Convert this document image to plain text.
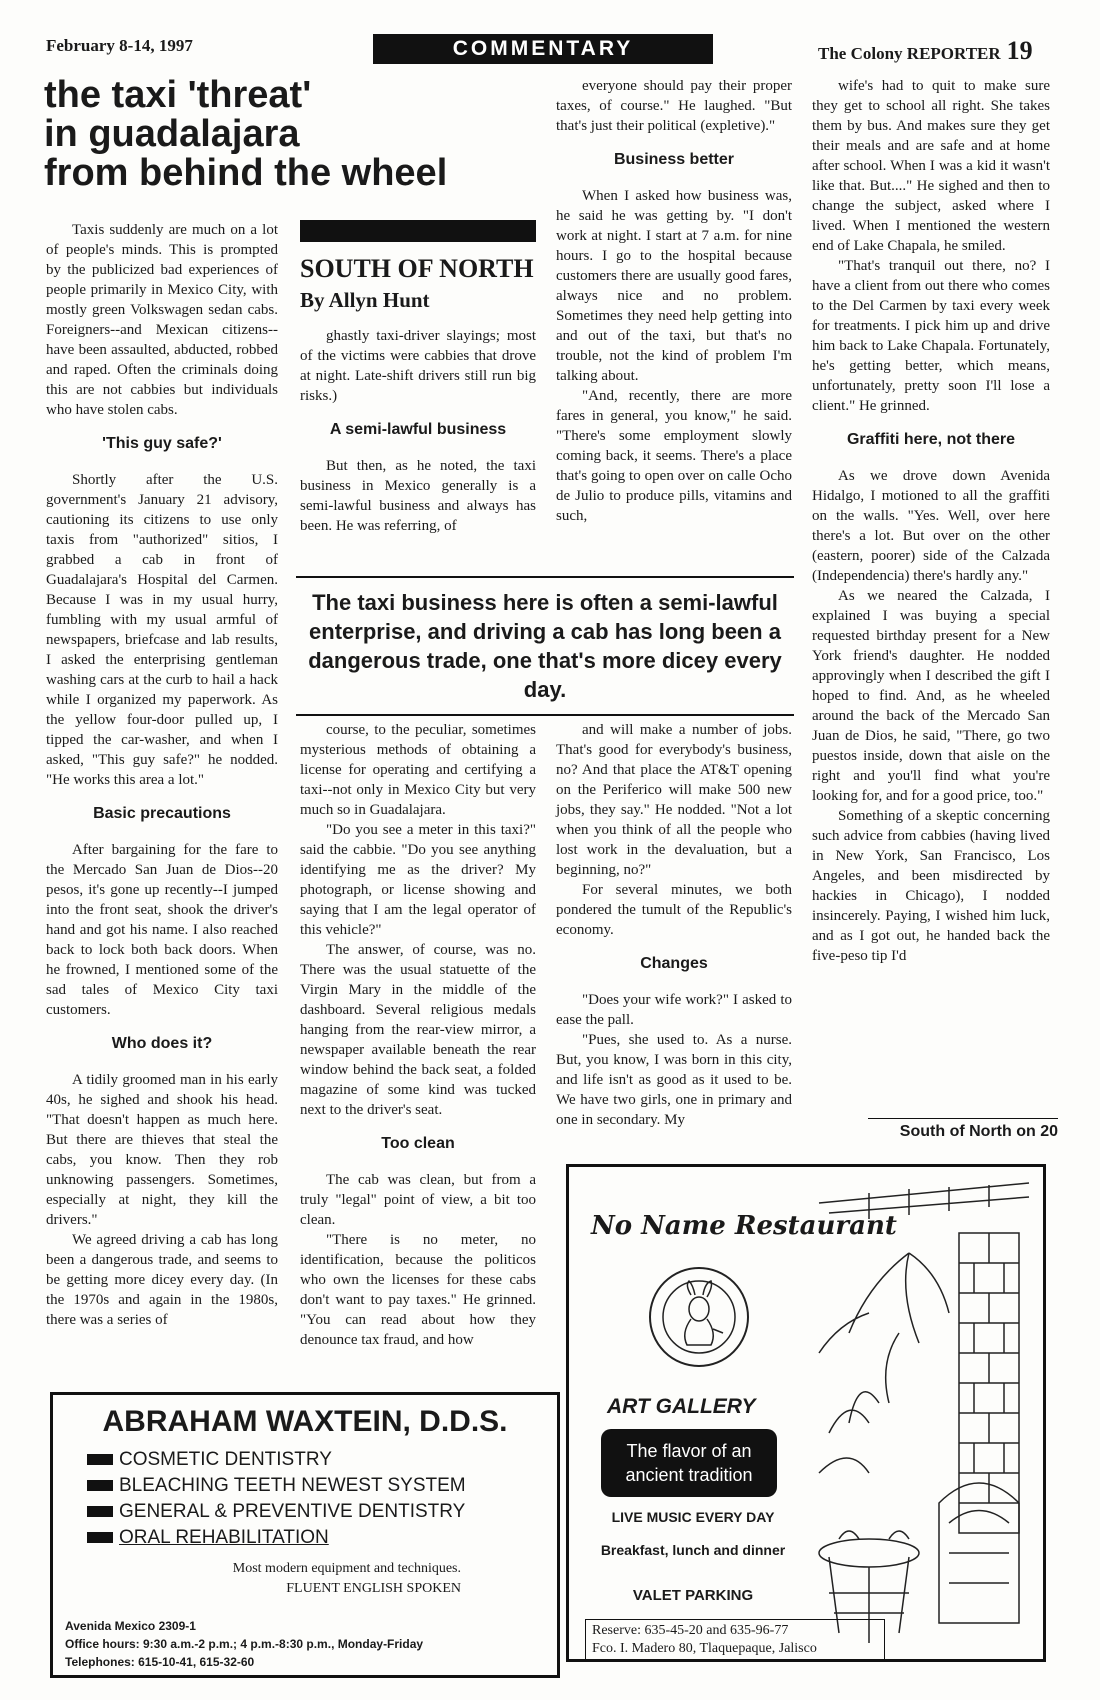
February 8-14, 1997	COMMENTARY	The Colony REPORTER 19
the taxi 'threat'
in guadalajara
from behind the wheel

Taxis suddenly are much on a lot of people's minds. This is prompted by the publicized bad experiences of people primarily in Mexico City, with mostly green Volkswagen sedan cabs. Foreigners--and Mexican citizens--have been assaulted, abducted, robbed and raped. Often the criminals doing this are not cabbies but individuals who have stolen cabs.

'This guy safe?'

Shortly after the U.S. government's January 21 advisory, cautioning its citizens to use only taxis from "authorized" sitios, I grabbed a cab in front of Guadalajara's Hospital del Carmen. Because I was in my usual hurry, fumbling with my usual armful of newspapers, briefcase and lab results, I asked the enterprising gentleman washing cars at the curb to hail a hack while I organized my paperwork. As the yellow four-door pulled up, I tipped the car-washer, and when I asked, "This guy safe?" he nodded. "He works this area a lot."

Basic precautions

After bargaining for the fare to the Mercado San Juan de Dios--20 pesos, it's gone up recently--I jumped into the front seat, shook the driver's hand and got his name. I also reached back to lock both back doors. When he frowned, I mentioned some of the sad tales of Mexico City taxi customers.

Who does it?

A tidily groomed man in his early 40s, he sighed and shook his head. "That doesn't happen as much here. But there are thieves that steal the cabs, you know. Then they rob unknowing passengers. Sometimes, especially at night, they kill the drivers."

We agreed driving a cab has long been a dangerous trade, and seems to be getting more dicey every day. (In the 1970s and again in the 1980s, there was a series of

SOUTH OF NORTH
By Allyn Hunt

ghastly taxi-driver slayings; most of the victims were cabbies that drove at night. Late-shift drivers still run big risks.)

A semi-lawful business

But then, as he noted, the taxi business in Mexico generally is a semi-lawful business and always has been. He was referring, of

everyone should pay their proper taxes, of course." He laughed. "But that's just their political (expletive)."

Business better

When I asked how business was, he said he was getting by. "I don't work at night. I start at 7 a.m. for nine hours. I go to the hospital because customers there are usually good fares, always nice and no problem. Sometimes they need help getting into and out of the taxi, but that's no trouble, not the kind of problem I'm talking about.

"And, recently, there are more fares in general, you know," he said. "There's some employment slowly coming back, it seems. There's a place that's going to open over on calle Ocho de Julio to produce pills, vitamins and such,

The taxi business here is often a semi-lawful enterprise, and driving a cab has long been a dangerous trade, one that's more dicey every day.

course, to the peculiar, sometimes mysterious methods of obtaining a license for operating and certifying a taxi--not only in Mexico City but very much so in Guadalajara.

"Do you see a meter in this taxi?" said the cabbie. "Do you see anything identifying me as the driver? My photograph, or license showing and saying that I am the legal operator of this vehicle?"

The answer, of course, was no. There was the usual statuette of the Virgin Mary in the middle of the dashboard. Several religious medals hanging from the rear-view mirror, a newspaper available beneath the rear window behind the back seat, a folded magazine of some kind was tucked next to the driver's seat.

Too clean

The cab was clean, but from a truly "legal" point of view, a bit too clean.

"There is no meter, no identification, because the politicos who own the licenses for these cabs don't want to pay taxes." He grinned. "You can read about how they denounce tax fraud, and how

and will make a number of jobs. That's good for everybody's business, no? And that place the AT&T opening on the Periferico will make 500 new jobs, they say." He nodded. "Not a lot when you think of all the people who lost work in the devaluation, but a beginning, no?"

For several minutes, we both pondered the tumult of the Republic's economy.

Changes

"Does your wife work?" I asked to ease the pall.

"Pues, she used to. As a nurse. But, you know, I was born in this city, and life isn't as good as it used to be. We have two girls, one in primary and one in secondary. My

wife's had to quit to make sure they get to school all right. She takes them by bus. And makes sure they get their meals and are safe and at home after school. When I was a kid it wasn't like that. But...." He sighed and then to change the subject, asked where I lived. When I mentioned the western end of Lake Chapala, he smiled.

"That's tranquil out there, no? I have a client from out there who comes to the Del Carmen by taxi every week for treatments. I pick him up and drive him back to Lake Chapala. Fortunately, he's getting better, which means, unfortunately, pretty soon I'll lose a client." He grinned.

Graffiti here, not there

As we drove down Avenida Hidalgo, I motioned to all the graffiti on the walls. "Yes. Well, over here there's a lot. But over on the other (eastern, poorer) side of the Calzada (Independencia) there's hardly any."

As we neared the Calzada, I explained I was buying a special requested birthday present for a New York friend's daughter. He nodded approvingly when I described the gift I hoped to find. And, as he wheeled around the back of the Mercado San Juan de Dios, he said, "There, go two puestos inside, down that aisle on the right and you'll find what you're looking for, and for a good price, too."

Something of a skeptic concerning such advice from cabbies (having lived in New York, San Francisco, Los Angeles, and been misdirected by hackies in Chicago), I nodded insincerely. Paying, I wished him luck, and as I got out, he handed back the five-peso tip I'd

South of North on 20
No Name Restaurant
ART GALLERY
The flavor of an ancient tradition
LIVE MUSIC EVERY DAY
Breakfast, lunch and dinner
VALET PARKING
Reserve: 635-45-20 and 635-96-77
Fco. I. Madero 80, Tlaquepaque, Jalisco
ABRAHAM WAXTEIN, D.D.S.
COSMETIC DENTISTRY
BLEACHING TEETH NEWEST SYSTEM
GENERAL & PREVENTIVE DENTISTRY
ORAL REHABILITATION
Most modern equipment and techniques.
FLUENT ENGLISH SPOKEN
Avenida Mexico 2309-1
Office hours: 9:30 a.m.-2 p.m.; 4 p.m.-8:30 p.m., Monday-Friday
Telephones: 615-10-41, 615-32-60
